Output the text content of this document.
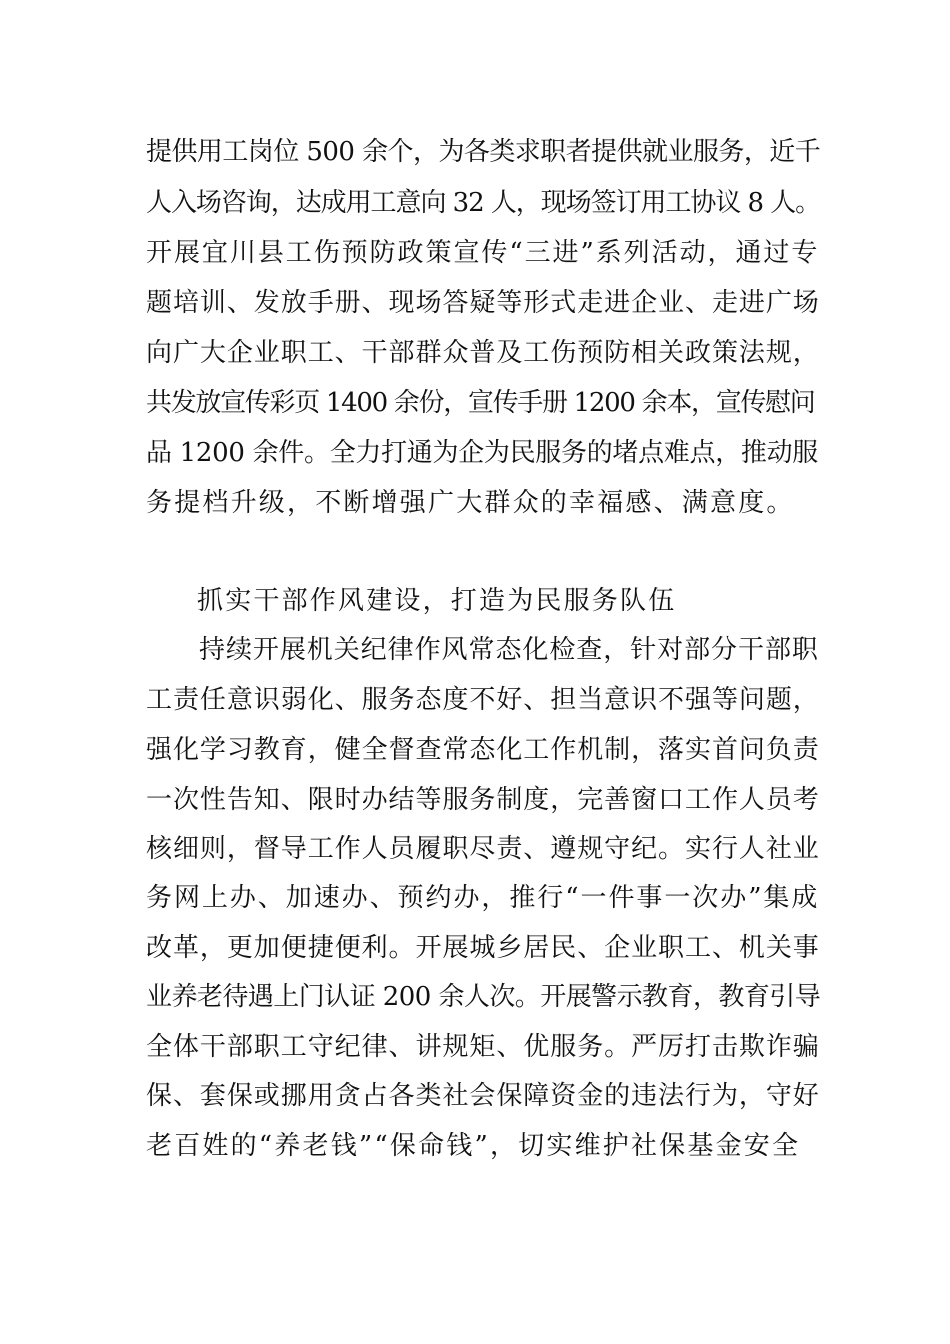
提供用工岗位 500 余个，为各类求职者提供就业服务，近千
人入场咨询，达成用工意向 32 人，现场签订用工协议 8 人。
开展宜川县工伤预防政策宣传“三进”系列活动，通过专
题培训、发放手册、现场答疑等形式走进企业、走进广场
向广大企业职工、干部群众普及工伤预防相关政策法规，
共发放宣传彩页 1400 余份，宣传手册 1200 余本，宣传慰问
品 1200 余件。全力打通为企为民服务的堵点难点，推动服
务提档升级，不断增强广大群众的幸福感、满意度。
抓实干部作风建设，打造为民服务队伍
持续开展机关纪律作风常态化检查，针对部分干部职
工责任意识弱化、服务态度不好、担当意识不强等问题，
强化学习教育，健全督查常态化工作机制，落实首问负责
一次性告知、限时办结等服务制度，完善窗口工作人员考
核细则，督导工作人员履职尽责、遵规守纪。实行人社业
务网上办、加速办、预约办，推行“一件事一次办”集成
改革，更加便捷便利。开展城乡居民、企业职工、机关事
业养老待遇上门认证 200 余人次。开展警示教育，教育引导
全体干部职工守纪律、讲规矩、优服务。严厉打击欺诈骗
保、套保或挪用贪占各类社会保障资金的违法行为，守好
老百姓的“养老钱”“保命钱”，切实维护社保基金安全
